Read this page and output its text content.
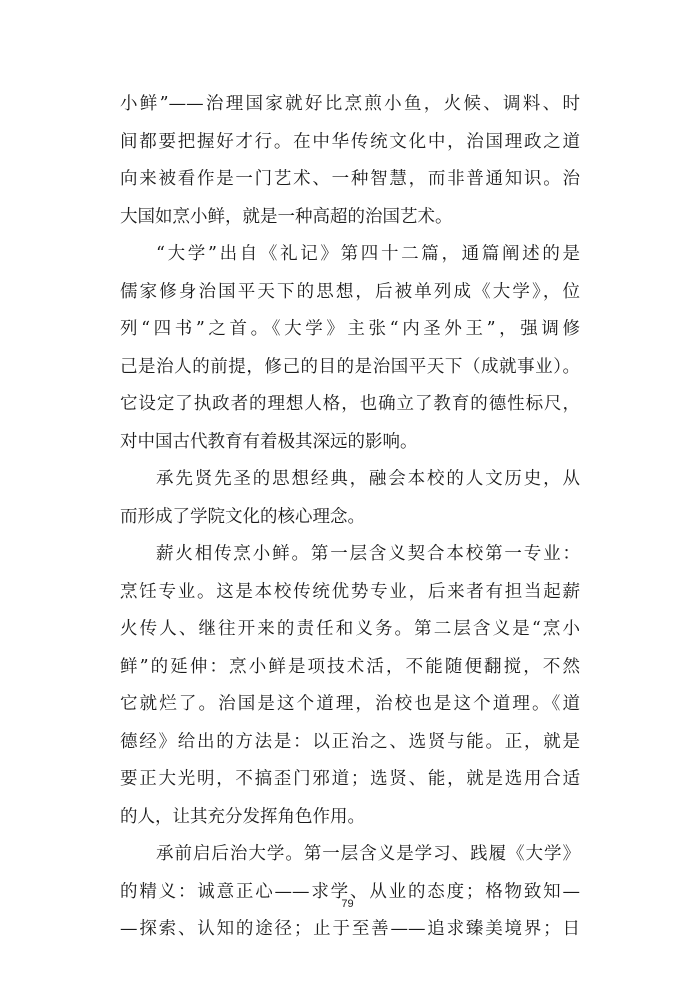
小鲜”——治理国家就好比烹煎小鱼，火候、调料、时
间都要把握好才行。在中华传统文化中，治国理政之道
向来被看作是一门艺术、一种智慧，而非普通知识。治
大国如烹小鲜，就是一种高超的治国艺术。
“大学”出自《礼记》第四十二篇，通篇阐述的是
儒家修身治国平天下的思想，后被单列成《大学》，位
列“四书”之首。《大学》主张“内圣外王”，强调修
己是治人的前提，修己的目的是治国平天下（成就事业）。
它设定了执政者的理想人格，也确立了教育的德性标尺，
对中国古代教育有着极其深远的影响。
承先贤先圣的思想经典，融会本校的人文历史，从
而形成了学院文化的核心理念。
薪火相传烹小鲜。第一层含义契合本校第一专业：
烹饪专业。这是本校传统优势专业，后来者有担当起薪
火传人、继往开来的责任和义务。第二层含义是“烹小
鲜”的延伸：烹小鲜是项技术活，不能随便翻搅，不然
它就烂了。治国是这个道理，治校也是这个道理。《道
德经》给出的方法是：以正治之、选贤与能。正，就是
要正大光明，不搞歪门邪道；选贤、能，就是选用合适
的人，让其充分发挥角色作用。
承前启后治大学。第一层含义是学习、践履《大学》
的精义：诚意正心——求学、从业的态度；格物致知—
—探索、认知的途径；止于至善——追求臻美境界；日
79
